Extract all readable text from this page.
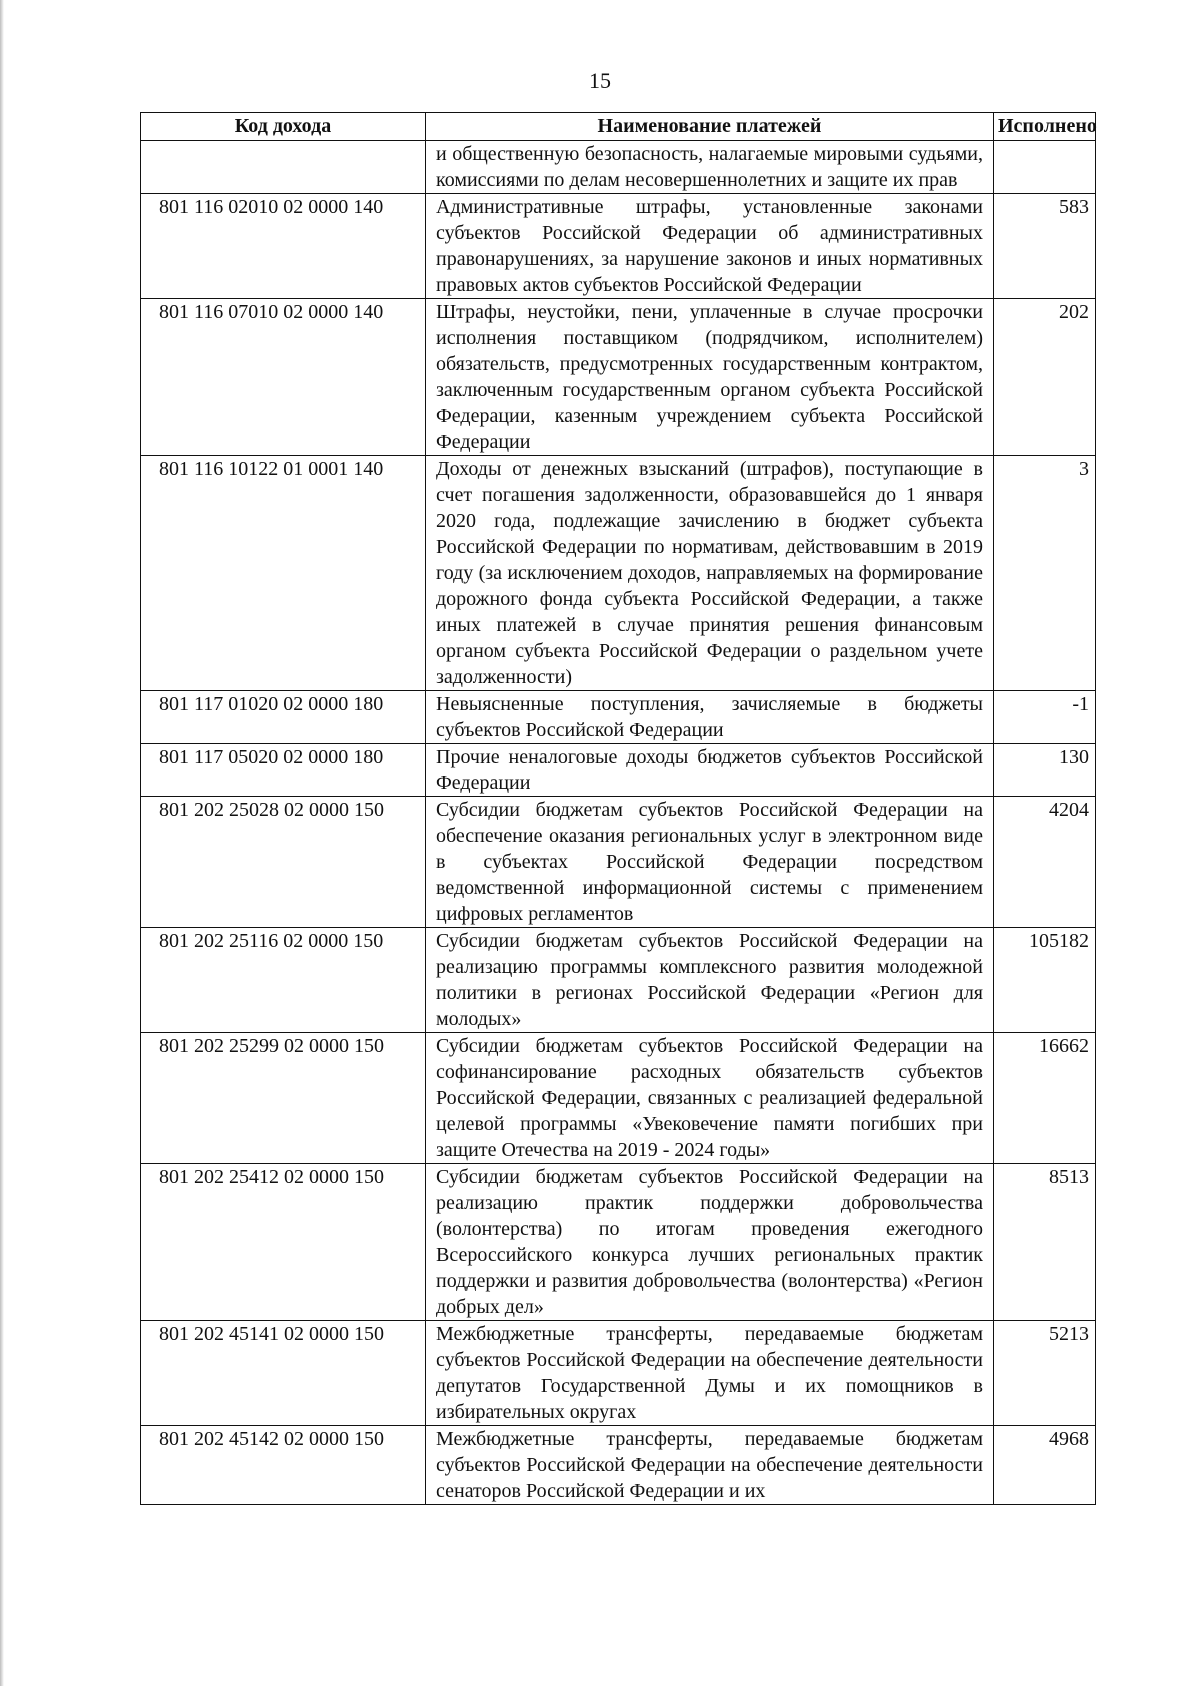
15
Код дохода	Наименование платежей	Исполнено
	и общественную безопасность, налагаемые мировыми судьями, комиссиями по делам несовершеннолетних и защите их прав	
801 116 02010 02 0000 140	Административные штрафы, установленные законами субъектов Российской Федерации об административных правонарушениях, за нарушение законов и иных нормативных правовых актов субъектов Российской Федерации	583
801 116 07010 02 0000 140	Штрафы, неустойки, пени, уплаченные в случае просрочки исполнения поставщиком (подрядчиком, исполнителем) обязательств, предусмотренных государственным контрактом, заключенным государственным органом субъекта Российской Федерации, казенным учреждением субъекта Российской Федерации	202
801 116 10122 01 0001 140	Доходы от денежных взысканий (штрафов), поступающие в счет погашения задолженности, образовавшейся до 1 января 2020 года, подлежащие зачислению в бюджет субъекта Российской Федерации по нормативам, действовавшим в 2019 году (за исключением доходов, направляемых на формирование дорожного фонда субъекта Российской Федерации, а также иных платежей в случае принятия решения финансовым органом субъекта Российской Федерации о раздельном учете задолженности)	3
801 117 01020 02 0000 180	Невыясненные поступления, зачисляемые в бюджеты субъектов Российской Федерации	-1
801 117 05020 02 0000 180	Прочие неналоговые доходы бюджетов субъектов Российской Федерации	130
801 202 25028 02 0000 150	Субсидии бюджетам субъектов Российской Федерации на обеспечение оказания региональных услуг в электронном виде в субъектах Российской Федерации посредством ведомственной информационной системы с применением цифровых регламентов	4204
801 202 25116 02 0000 150	Субсидии бюджетам субъектов Российской Федерации на реализацию программы комплексного развития молодежной политики в регионах Российской Федерации «Регион для молодых»	105182
801 202 25299 02 0000 150	Субсидии бюджетам субъектов Российской Федерации на софинансирование расходных обязательств субъектов Российской Федерации, связанных с реализацией федеральной целевой программы «Увековечение памяти погибших при защите Отечества на 2019 - 2024 годы»	16662
801 202 25412 02 0000 150	Субсидии бюджетам субъектов Российской Федерации на реализацию практик поддержки добровольчества (волонтерства) по итогам проведения ежегодного Всероссийского конкурса лучших региональных практик поддержки и развития добровольчества (волонтерства) «Регион добрых дел»	8513
801 202 45141 02 0000 150	Межбюджетные трансферты, передаваемые бюджетам субъектов Российской Федерации на обеспечение деятельности депутатов Государственной Думы и их помощников в избирательных округах	5213
801 202 45142 02 0000 150	Межбюджетные трансферты, передаваемые бюджетам субъектов Российской Федерации на обеспечение деятельности сенаторов Российской Федерации и их	4968
